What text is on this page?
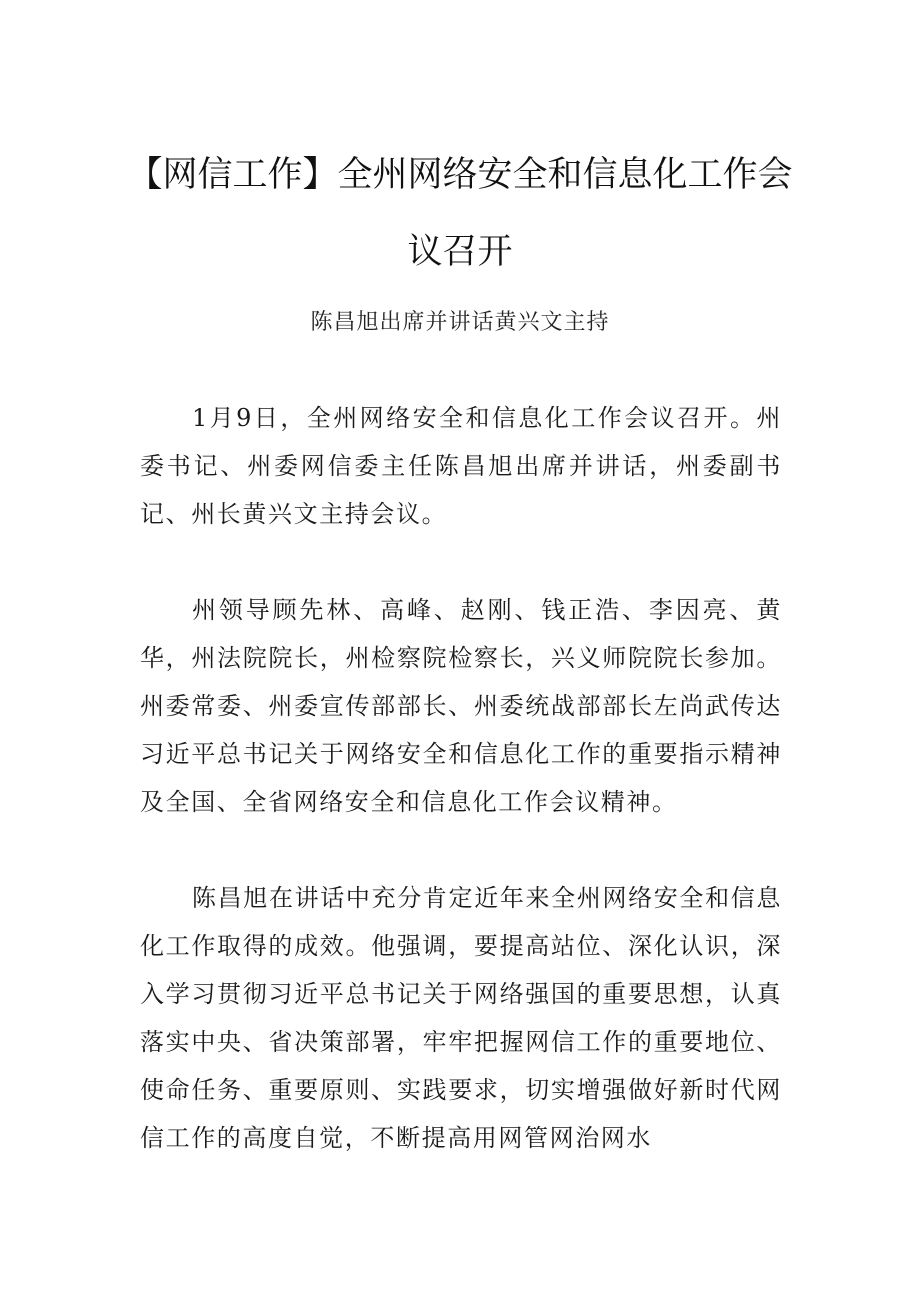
【网信工作】全州网络安全和信息化工作会议召开

陈昌旭出席并讲话黄兴文主持

1月9日，全州网络安全和信息化工作会议召开。州委书记、州委网信委主任陈昌旭出席并讲话，州委副书记、州长黄兴文主持会议。

州领导顾先林、高峰、赵刚、钱正浩、李因亮、黄华，州法院院长，州检察院检察长，兴义师院院长参加。州委常委、州委宣传部部长、州委统战部部长左尚武传达习近平总书记关于网络安全和信息化工作的重要指示精神及全国、全省网络安全和信息化工作会议精神。

陈昌旭在讲话中充分肯定近年来全州网络安全和信息化工作取得的成效。他强调，要提高站位、深化认识，深入学习贯彻习近平总书记关于网络强国的重要思想，认真落实中央、省决策部署，牢牢把握网信工作的重要地位、使命任务、重要原则、实践要求，切实增强做好新时代网信工作的高度自觉，不断提高用网管网治网水
